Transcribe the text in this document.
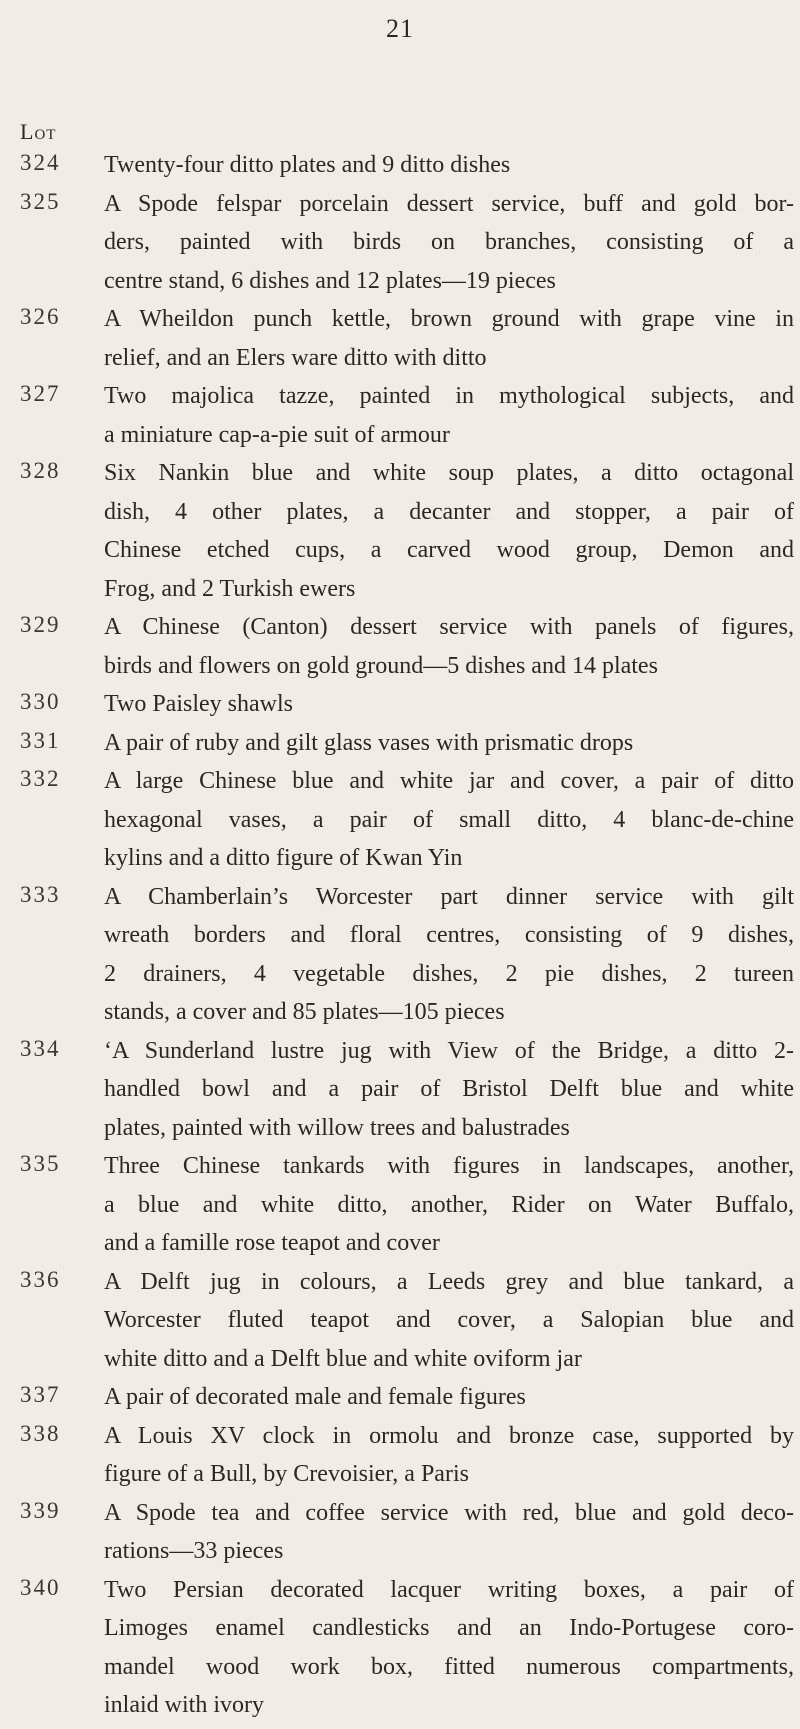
21
Lot
324 Twenty-four ditto plates and 9 ditto dishes
325 A Spode felspar porcelain dessert service, buff and gold bor-
ders, painted with birds on branches, consisting of a
centre stand, 6 dishes and 12 plates—19 pieces
326 A Wheildon punch kettle, brown ground with grape vine in
relief, and an Elers ware ditto with ditto
327 Two majolica tazze, painted in mythological subjects, and
a miniature cap-a-pie suit of armour
328 Six Nankin blue and white soup plates, a ditto octagonal
dish, 4 other plates, a decanter and stopper, a pair of
Chinese etched cups, a carved wood group, Demon and
Frog, and 2 Turkish ewers
329 A Chinese (Canton) dessert service with panels of figures,
birds and flowers on gold ground—5 dishes and 14 plates
330 Two Paisley shawls
331 A pair of ruby and gilt glass vases with prismatic drops
332 A large Chinese blue and white jar and cover, a pair of ditto
hexagonal vases, a pair of small ditto, 4 blanc-de-chine
kylins and a ditto figure of Kwan Yin
333 A Chamberlain’s Worcester part dinner service with gilt
wreath borders and floral centres, consisting of 9 dishes,
2 drainers, 4 vegetable dishes, 2 pie dishes, 2 tureen
stands, a cover and 85 plates—105 pieces
334 ‘A Sunderland lustre jug with View of the Bridge, a ditto 2-
handled bowl and a pair of Bristol Delft blue and white
plates, painted with willow trees and balustrades
335 Three Chinese tankards with figures in landscapes, another,
a blue and white ditto, another, Rider on Water Buffalo,
and a famille rose teapot and cover
336 A Delft jug in colours, a Leeds grey and blue tankard, a
Worcester fluted teapot and cover, a Salopian blue and
white ditto and a Delft blue and white oviform jar
337 A pair of decorated male and female figures
338 A Louis XV clock in ormolu and bronze case, supported by
figure of a Bull, by Crevoisier, a Paris
339 A Spode tea and coffee service with red, blue and gold deco-
rations—33 pieces
340 Two Persian decorated lacquer writing boxes, a pair of
Limoges enamel candlesticks and an Indo-Portugese coro-
mandel wood work box, fitted numerous compartments,
inlaid with ivory
